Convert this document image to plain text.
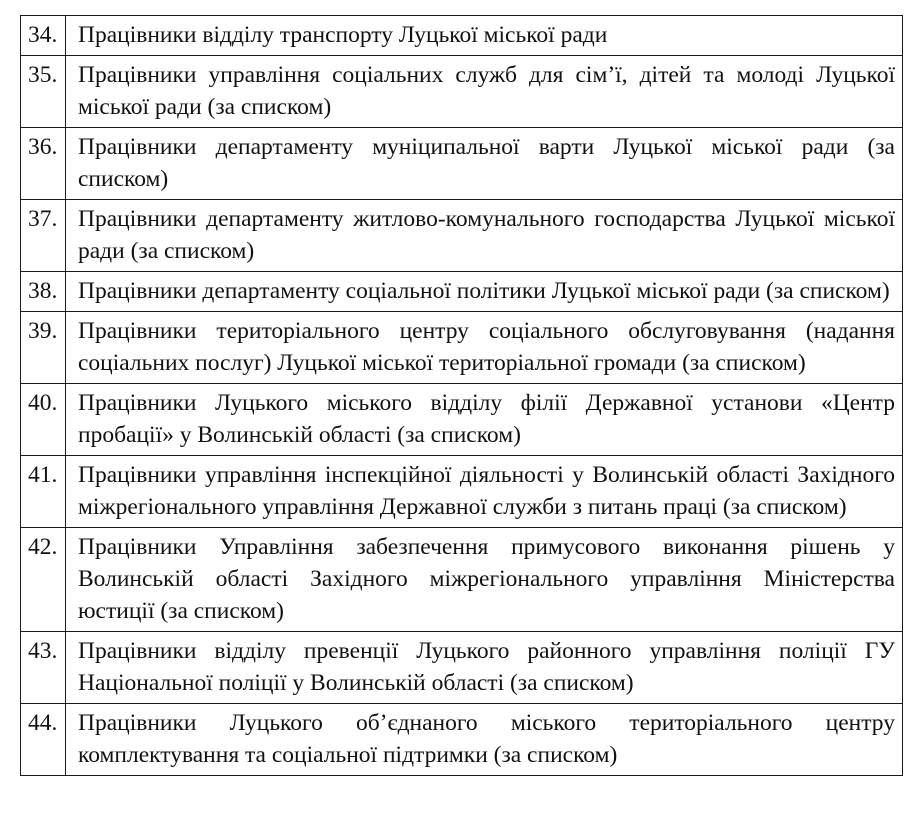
34.	Працівники відділу транспорту Луцької міської ради
35.	Працівники управління соціальних служб для сім’ї, дітей та молоді Луцької міської ради (за списком)
36.	Працівники департаменту муніципальної варти Луцької міської ради (за списком)
37.	Працівники департаменту житлово-комунального господарства Луцької міської ради (за списком)
38.	Працівники департаменту соціальної політики Луцької міської ради (за списком)
39.	Працівники територіального центру соціального обслуговування (надання соціальних послуг) Луцької міської територіальної громади (за списком)
40.	Працівники Луцького міського відділу філії Державної установи «Центр пробації» у Волинській області (за списком)
41.	Працівники управління інспекційної діяльності у Волинській області Західного міжрегіонального управління Державної служби з питань праці (за списком)
42.	Працівники Управління забезпечення примусового виконання рішень у Волинській області Західного міжрегіонального управління Міністерства юстиції (за списком)
43.	Працівники відділу превенції Луцького районного управління поліції ГУ Національної поліції у Волинській області (за списком)
44.	Працівники Луцького об’єднаного міського територіального центру комплектування та соціальної підтримки (за списком)
